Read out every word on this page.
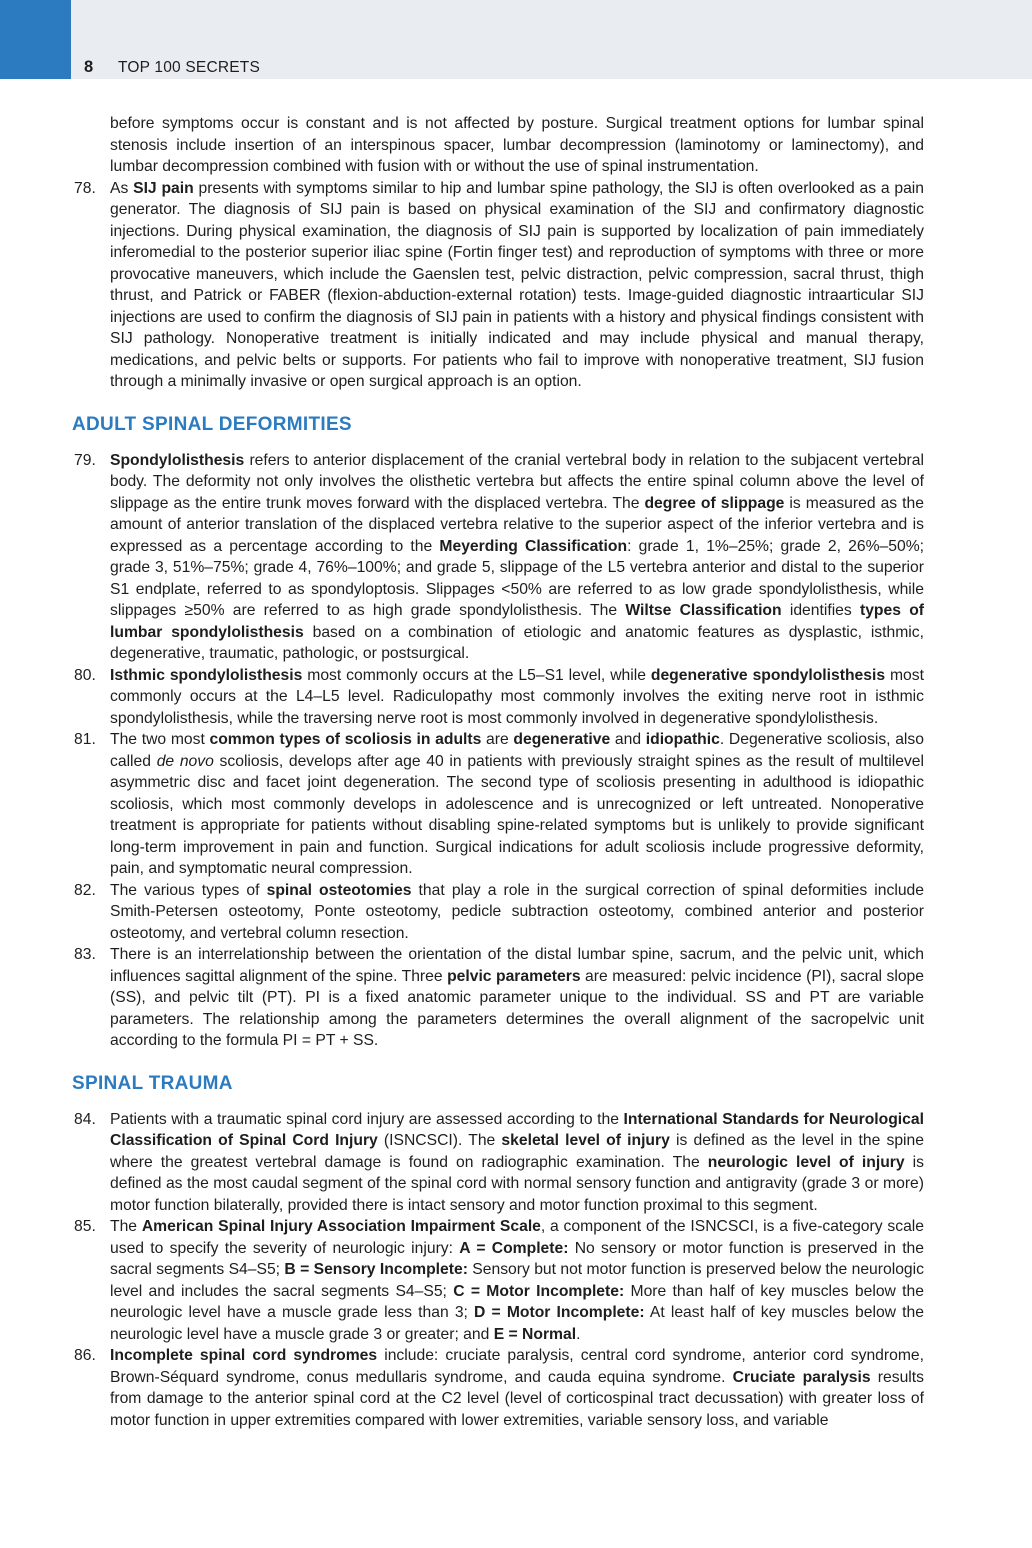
8 TOP 100 SECRETS

before symptoms occur is constant and is not affected by posture. Surgical treatment options for lumbar spinal stenosis include insertion of an interspinous spacer, lumbar decompression (laminotomy or laminectomy), and lumbar decompression combined with fusion with or without the use of spinal instrumentation.

78. As SIJ pain presents with symptoms similar to hip and lumbar spine pathology, the SIJ is often overlooked as a pain generator. The diagnosis of SIJ pain is based on physical examination of the SIJ and confirmatory diagnostic injections. During physical examination, the diagnosis of SIJ pain is supported by localization of pain immediately inferomedial to the posterior superior iliac spine (Fortin finger test) and reproduction of symptoms with three or more provocative maneuvers, which include the Gaenslen test, pelvic distraction, pelvic compression, sacral thrust, thigh thrust, and Patrick or FABER (flexion-abduction-external rotation) tests. Image-guided diagnostic intraarticular SIJ injections are used to confirm the diagnosis of SIJ pain in patients with a history and physical findings consistent with SIJ pathology. Nonoperative treatment is initially indicated and may include physical and manual therapy, medications, and pelvic belts or supports. For patients who fail to improve with nonoperative treatment, SIJ fusion through a minimally invasive or open surgical approach is an option.

ADULT SPINAL DEFORMITIES

79. Spondylolisthesis refers to anterior displacement of the cranial vertebral body in relation to the subjacent vertebral body. The deformity not only involves the olisthetic vertebra but affects the entire spinal column above the level of slippage as the entire trunk moves forward with the displaced vertebra. The degree of slippage is measured as the amount of anterior translation of the displaced vertebra relative to the superior aspect of the inferior vertebra and is expressed as a percentage according to the Meyerding Classification: grade 1, 1%–25%; grade 2, 26%–50%; grade 3, 51%–75%; grade 4, 76%–100%; and grade 5, slippage of the L5 vertebra anterior and distal to the superior S1 endplate, referred to as spondyloptosis. Slippages <50% are referred to as low grade spondylolisthesis, while slippages ≥50% are referred to as high grade spondylolisthesis. The Wiltse Classification identifies types of lumbar spondylolisthesis based on a combination of etiologic and anatomic features as dysplastic, isthmic, degenerative, traumatic, pathologic, or postsurgical.

80. Isthmic spondylolisthesis most commonly occurs at the L5–S1 level, while degenerative spondylolisthesis most commonly occurs at the L4–L5 level. Radiculopathy most commonly involves the exiting nerve root in isthmic spondylolisthesis, while the traversing nerve root is most commonly involved in degenerative spondylolisthesis.

81. The two most common types of scoliosis in adults are degenerative and idiopathic. Degenerative scoliosis, also called de novo scoliosis, develops after age 40 in patients with previously straight spines as the result of multilevel asymmetric disc and facet joint degeneration. The second type of scoliosis presenting in adulthood is idiopathic scoliosis, which most commonly develops in adolescence and is unrecognized or left untreated. Nonoperative treatment is appropriate for patients without disabling spine-related symptoms but is unlikely to provide significant long-term improvement in pain and function. Surgical indications for adult scoliosis include progressive deformity, pain, and symptomatic neural compression.

82. The various types of spinal osteotomies that play a role in the surgical correction of spinal deformities include Smith-Petersen osteotomy, Ponte osteotomy, pedicle subtraction osteotomy, combined anterior and posterior osteotomy, and vertebral column resection.

83. There is an interrelationship between the orientation of the distal lumbar spine, sacrum, and the pelvic unit, which influences sagittal alignment of the spine. Three pelvic parameters are measured: pelvic incidence (PI), sacral slope (SS), and pelvic tilt (PT). PI is a fixed anatomic parameter unique to the individual. SS and PT are variable parameters. The relationship among the parameters determines the overall alignment of the sacropelvic unit according to the formula PI = PT + SS.

SPINAL TRAUMA

84. Patients with a traumatic spinal cord injury are assessed according to the International Standards for Neurological Classification of Spinal Cord Injury (ISNCSCI). The skeletal level of injury is defined as the level in the spine where the greatest vertebral damage is found on radiographic examination. The neurologic level of injury is defined as the most caudal segment of the spinal cord with normal sensory function and antigravity (grade 3 or more) motor function bilaterally, provided there is intact sensory and motor function proximal to this segment.

85. The American Spinal Injury Association Impairment Scale, a component of the ISNCSCI, is a five-category scale used to specify the severity of neurologic injury: A = Complete: No sensory or motor function is preserved in the sacral segments S4–S5; B = Sensory Incomplete: Sensory but not motor function is preserved below the neurologic level and includes the sacral segments S4–S5; C = Motor Incomplete: More than half of key muscles below the neurologic level have a muscle grade less than 3; D = Motor Incomplete: At least half of key muscles below the neurologic level have a muscle grade 3 or greater; and E = Normal.

86. Incomplete spinal cord syndromes include: cruciate paralysis, central cord syndrome, anterior cord syndrome, Brown-Séquard syndrome, conus medullaris syndrome, and cauda equina syndrome. Cruciate paralysis results from damage to the anterior spinal cord at the C2 level (level of corticospinal tract decussation) with greater loss of motor function in upper extremities compared with lower extremities, variable sensory loss, and variable
